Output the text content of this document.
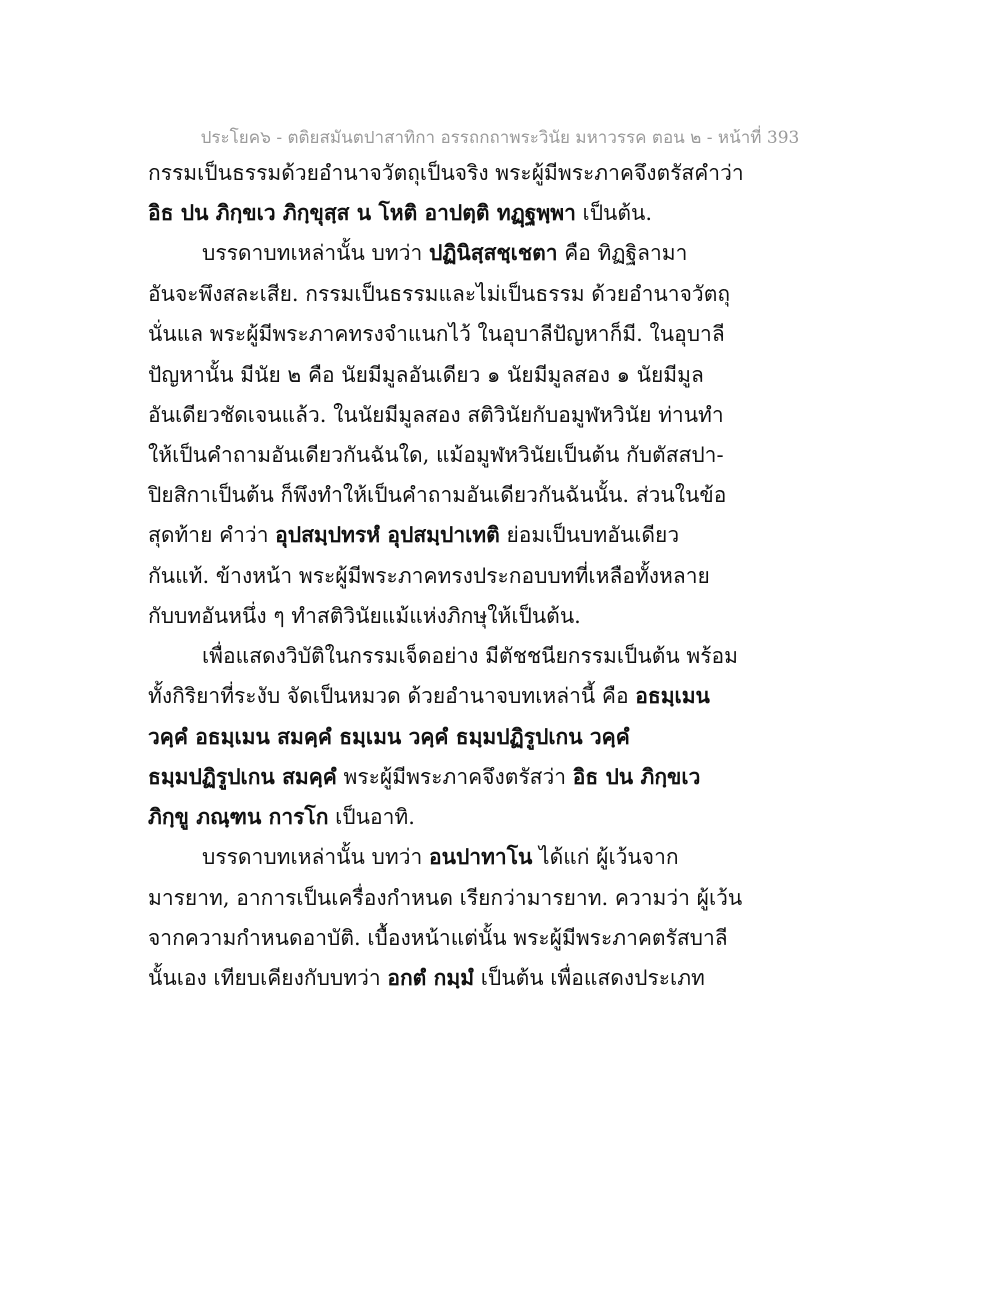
ประโยค๖ - ตติยสมันตปาสาทิกา อรรถกถาพระวินัย มหาวรรค ตอน ๒ - หน้าที่ 393
กรรมเป็นธรรมด้วยอำนาจวัตถุเป็นจริง พระผู้มีพระภาคจึงตรัสคำว่า
อิธ ปน ภิกฺขเว ภิกฺขุสฺส น โหติ อาปตฺติ ทฏฺฐพฺพา เป็นต้น.
บรรดาบทเหล่านั้น บทว่า ปฏินิสฺสชฺเชตา คือ ทิฏฐิลามา
อันจะพึงสละเสีย. กรรมเป็นธรรมและไม่เป็นธรรม ด้วยอำนาจวัตถุ
นั่นแล พระผู้มีพระภาคทรงจำแนกไว้ ในอุบาลีปัญหาก็มี. ในอุบาลี
ปัญหานั้น มีนัย ๒ คือ นัยมีมูลอันเดียว ๑ นัยมีมูลสอง ๑ นัยมีมูล
อันเดียวชัดเจนแล้ว. ในนัยมีมูลสอง สติวินัยกับอมูฬหวินัย ท่านทำ
ให้เป็นคำถามอันเดียวกันฉันใด, แม้อมูฬหวินัยเป็นต้น กับตัสสปา-
ปิยสิกาเป็นต้น ก็พึงทำให้เป็นคำถามอันเดียวกันฉันนั้น. ส่วนในข้อ
สุดท้าย คำว่า อุปสมฺปทรหํ อุปสมฺปาเทติ ย่อมเป็นบทอันเดียว
กันแท้. ข้างหน้า พระผู้มีพระภาคทรงประกอบบทที่เหลือทั้งหลาย
กับบทอันหนึ่ง ๆ ทำสติวินัยแม้แห่งภิกษุให้เป็นต้น.
เพื่อแสดงวิบัติในกรรมเจ็ดอย่าง มีตัชชนียกรรมเป็นต้น พร้อม
ทั้งกิริยาที่ระงับ จัดเป็นหมวด ด้วยอำนาจบทเหล่านี้ คือ อธมฺเมน
วคฺคํ อธมฺเมน สมคฺคํ ธมฺเมน วคฺคํ ธมฺมปฏิรูปเกน วคฺคํ
ธมฺมปฏิรูปเกน สมคฺคํ พระผู้มีพระภาคจึงตรัสว่า อิธ ปน ภิกฺขเว
ภิกฺขู ภณฺฑน การโก เป็นอาทิ.
บรรดาบทเหล่านั้น บทว่า อนปาทาโน ได้แก่ ผู้เว้นจาก
มารยาท, อาการเป็นเครื่องกำหนด เรียกว่ามารยาท. ความว่า ผู้เว้น
จากความกำหนดอาบัติ. เบื้องหน้าแต่นั้น พระผู้มีพระภาคตรัสบาลี
นั้นเอง เทียบเคียงกับบทว่า อกตํ กมฺมํ เป็นต้น เพื่อแสดงประเภท
